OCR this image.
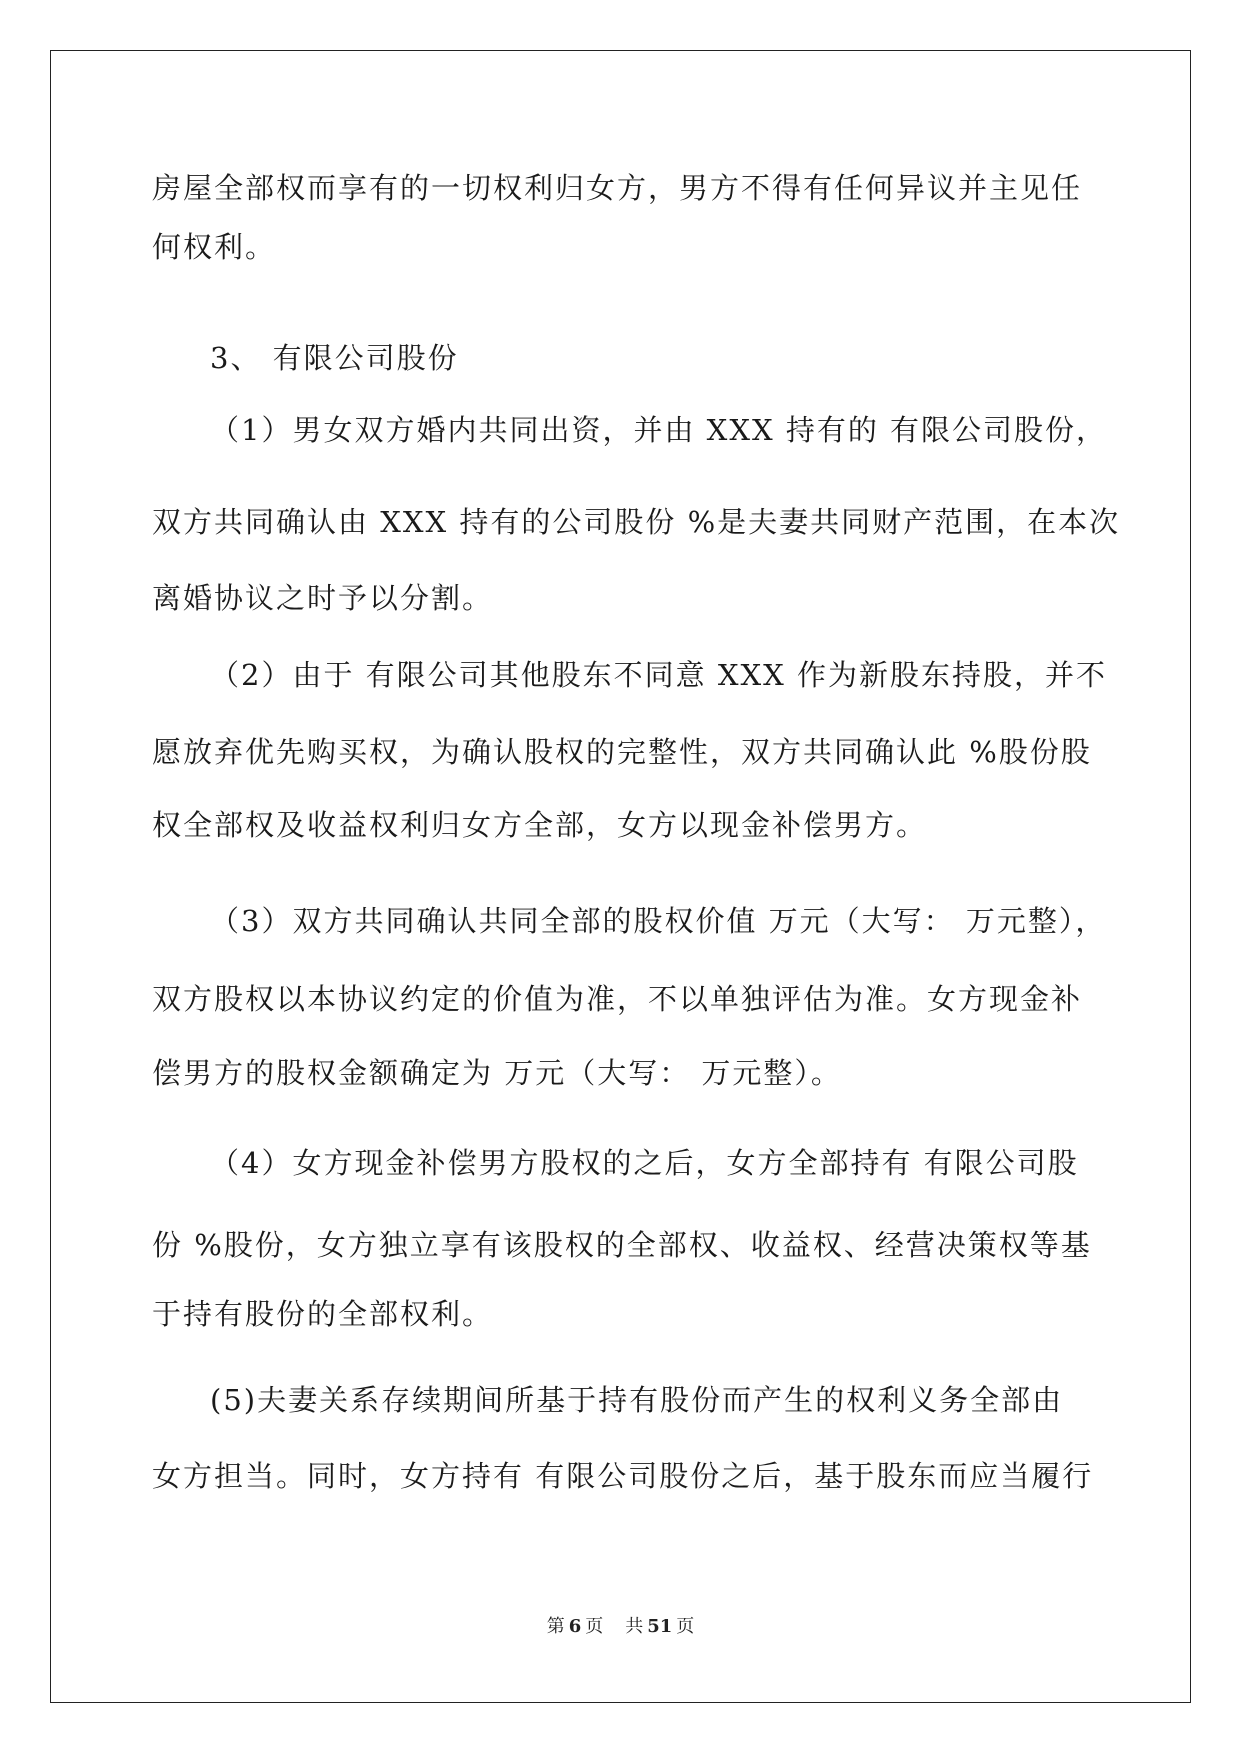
房屋全部权而享有的一切权利归女方，男方不得有任何异议并主见任
何权利。
3、 有限公司股份
（1）男女双方婚内共同出资，并由 XXX 持有的 有限公司股份，
双方共同确认由 XXX 持有的公司股份 %是夫妻共同财产范围，在本次
离婚协议之时予以分割。
（2）由于 有限公司其他股东不同意 XXX 作为新股东持股，并不
愿放弃优先购买权，为确认股权的完整性，双方共同确认此 %股份股
权全部权及收益权利归女方全部，女方以现金补偿男方。
（3）双方共同确认共同全部的股权价值 万元（大写： 万元整），
双方股权以本协议约定的价值为准，不以单独评估为准。女方现金补
偿男方的股权金额确定为 万元（大写： 万元整）。
（4）女方现金补偿男方股权的之后，女方全部持有 有限公司股
份 %股份，女方独立享有该股权的全部权、收益权、经营决策权等基
于持有股份的全部权利。
(5)夫妻关系存续期间所基于持有股份而产生的权利义务全部由
女方担当。同时，女方持有 有限公司股份之后，基于股东而应当履行
第 6 页 共 51 页
